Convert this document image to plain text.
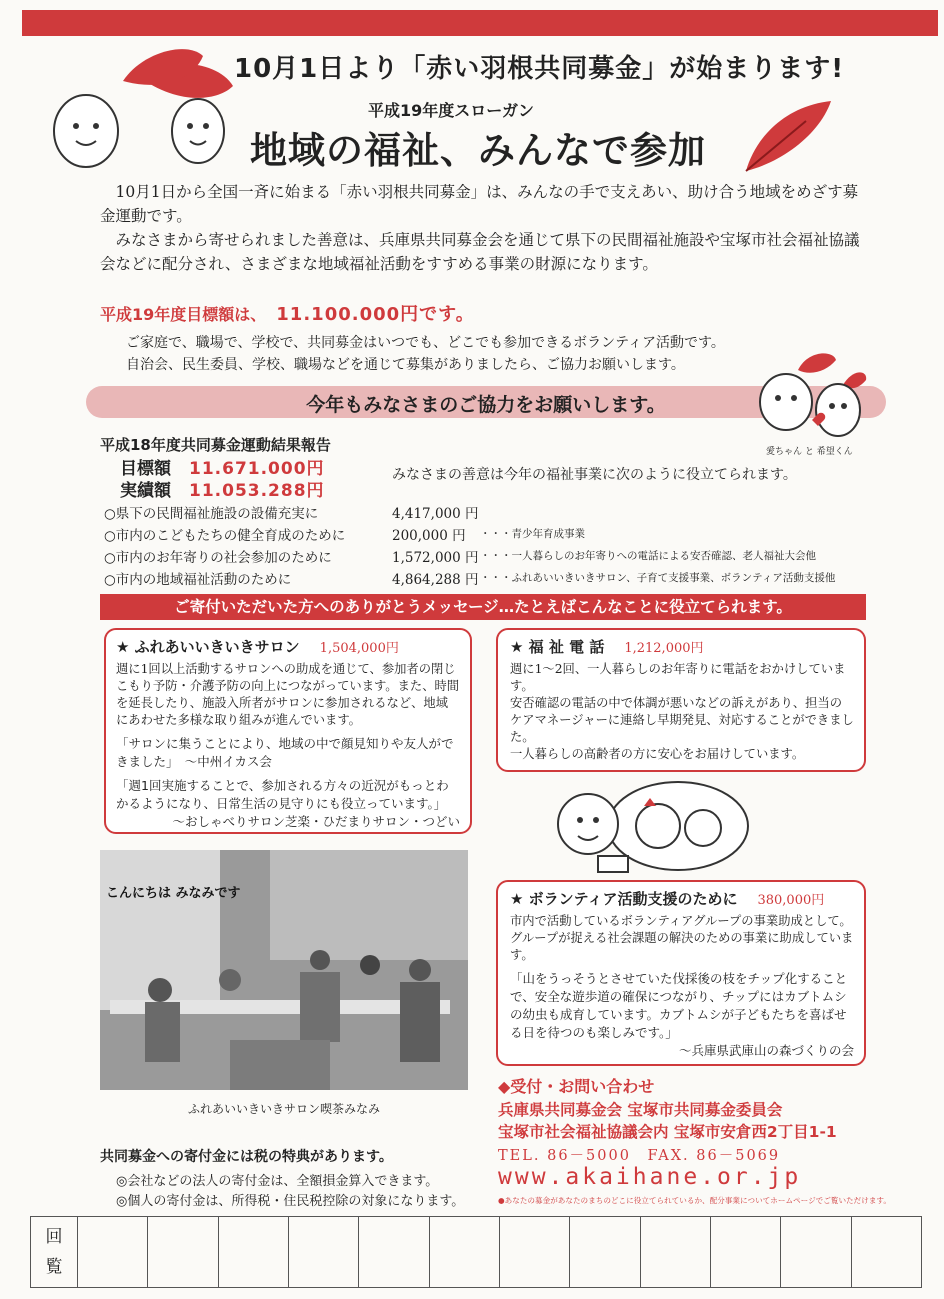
10月1日より「赤い羽根共同募金」が始まります!
平成19年度スローガン
地域の福祉、みんなで参加
 10月1日から全国一斉に始まる「赤い羽根共同募金」は、みんなの手で支えあい、助け合う地域をめざす募金運動です。
 みなさまから寄せられました善意は、兵庫県共同募金会を通じて県下の民間福祉施設や宝塚市社会福祉協議会などに配分され、さまざまな地域福祉活動をすすめる事業の財源になります。
平成19年度目標額は、 11.100.000円です。
ご家庭で、職場で、学校で、共同募金はいつでも、どこでも参加できるボランティア活動です。
自治会、民生委員、学校、職場などを通じて募集がありましたら、ご協力お願いします。
今年もみなさまのご協力をお願いします。
愛ちゃん と 希望くん
平成18年度共同募金運動結果報告
目標額 11.671.000円
実績額 11.053.288円
みなさまの善意は今年の福祉事業に次のように役立てられます。
○県下の民間福祉施設の設備充実に	4,417,000 円
○市内のこどもたちの健全育成のために	200,000 円 ・・・青少年育成事業
○市内のお年寄りの社会参加のために	1,572,000 円 ・・・一人暮らしのお年寄りへの電話による安否確認、老人福祉大会他
○市内の地域福祉活動のために	4,864,288 円 ・・・ふれあいいきいきサロン、子育て支援事業、ボランティア活動支援他
ご寄付いただいた方へのありがとうメッセージ…たとえばこんなことに役立てられます。
★ ふれあいいきいきサロン 1,504,000円
週に1回以上活動するサロンへの助成を通じて、参加者の閉じこもり予防・介護予防の向上につながっています。また、時間を延長したり、施設入所者がサロンに参加されるなど、地域にあわせた多様な取り組みが進んでいます。
「サロンに集うことにより、地域の中で顔見知りや友人ができました」　～中州イカス会
「週1回実施することで、参加される方々の近況がもっとわかるようになり、日常生活の見守りにも役立っています。」
～おしゃべりサロン芝楽・ひだまりサロン・つどい
こんにちは みなみです
ふれあいいきいきサロン喫茶みなみ
★ 福 祉 電 話 1,212,000円
週に1～2回、一人暮らしのお年寄りに電話をおかけしています。
安否確認の電話の中で体調が悪いなどの訴えがあり、担当のケアマネージャーに連絡し早期発見、対応することができました。
一人暮らしの高齢者の方に安心をお届けしています。
★ ボランティア活動支援のために 380,000円
市内で活動しているボランティアグループの事業助成として。グループが捉える社会課題の解決のための事業に助成しています。
「山をうっそうとさせていた伐採後の枝をチップ化することで、安全な遊歩道の確保につながり、チップにはカブトムシの幼虫も成育しています。カブトムシが子どもたちを喜ばせる日を待つのも楽しみです。」
～兵庫県武庫山の森づくりの会
共同募金への寄付金には税の特典があります。
◎会社などの法人の寄付金は、全額損金算入できます。
◎個人の寄付金は、所得税・住民税控除の対象になります。
◆受付・お問い合わせ
兵庫県共同募金会 宝塚市共同募金委員会
宝塚市社会福祉協議会内 宝塚市安倉西2丁目1-1
TEL. 86－5000　FAX. 86－5069
www.akaihane.or.jp
●あなたの募金があなたのまちのどこに役立てられているか、配分事業についてホームページでご覧いただけます。
回
覧
